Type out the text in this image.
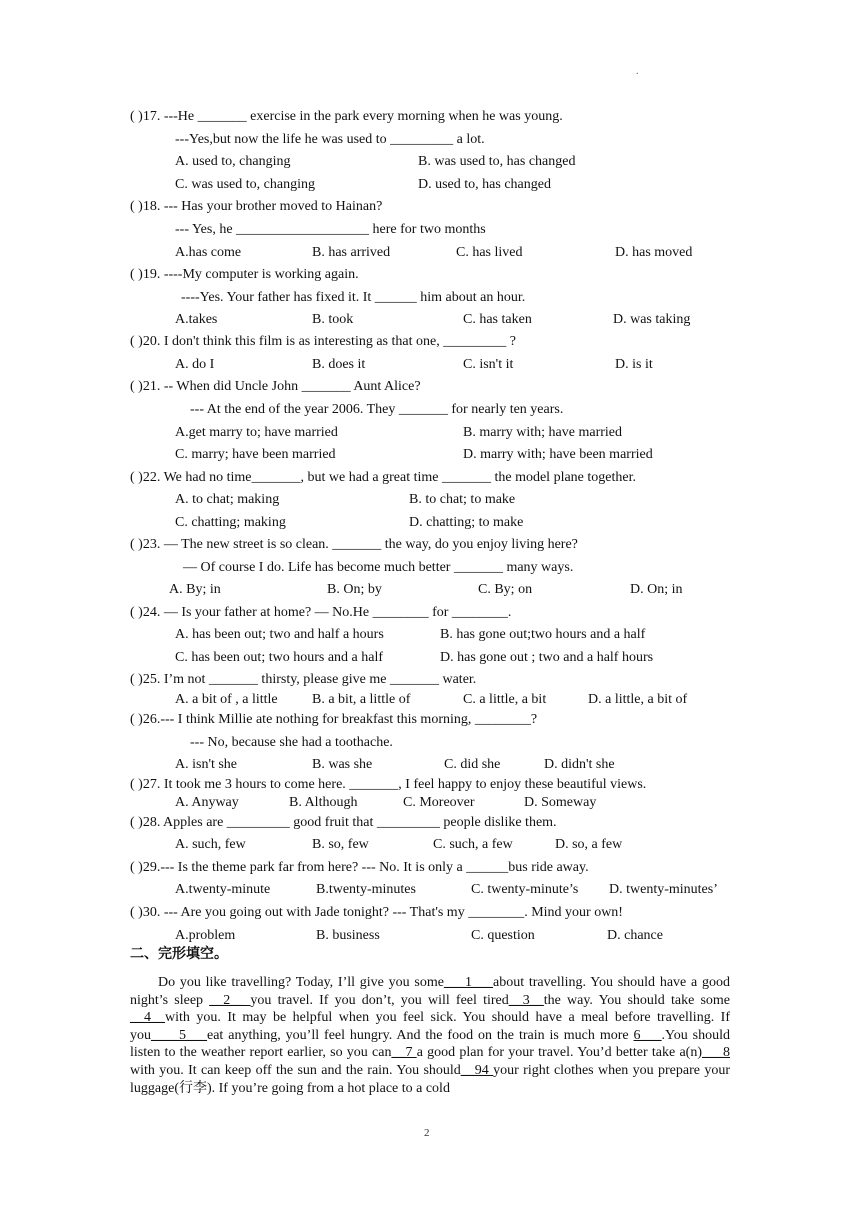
.
( )17. ---He _______ exercise in the park every morning when he was young.
---Yes,but now the life he was used to _________ a lot.
A. used to, changing	B. was used to, has changed
C. was used to, changing	D. used to, has changed
( )18. --- Has your brother moved to Hainan?
--- Yes, he ___________________ here for two months
A.has come	B. has arrived	C. has lived	D. has moved
( )19. ----My computer is working again.
----Yes. Your father has fixed it. It ______ him about an hour.
A.takes	B. took	C. has taken	D. was taking
( )20. I don't think this film is as interesting as that one, _________ ?
A. do I	B. does it	C. isn't it	D. is it
( )21. -- When did Uncle John _______ Aunt Alice?
--- At the end of the year 2006. They _______ for nearly ten years.
A.get marry to; have married	B. marry with; have married
C. marry; have been married	D. marry with; have been married
( )22. We had no time_______, but we had a great time _______ the model plane together.
A. to chat; making	B. to chat; to make
C. chatting; making	D. chatting; to make
( )23. — The new street is so clean. _______ the way, do you enjoy living here?
— Of course I do. Life has become much better _______ many ways.
A. By; in	B. On; by	C. By; on	D. On; in
( )24. — Is your father at home? — No.He ________ for ________.
A. has been out; two and half a hours	B. has gone out;two hours and a half
C. has been out; two hours and a half	D. has gone out ; two and a half hours
( )25. I’m not _______ thirsty, please give me _______ water.
A. a bit of , a little B. a bit, a little of	C. a little, a bit	D. a little, a bit of
( )26.--- I think Millie ate nothing for breakfast this morning, ________?
--- No, because she had a toothache.
A. isn't she	B. was she	C. did she	D. didn't she
( )27. It took me 3 hours to come here. _______, I feel happy to enjoy these beautiful views.
A. Anyway	B. Although	C. Moreover	D. Someway
( )28. Apples are _________ good fruit that _________ people dislike them.
A. such, few	B. so, few	C. such, a few	D. so, a few
( )29.--- Is the theme park far from here? --- No. It is only a ______bus ride away.
A.twenty-minute	B.twenty-minutes	C. twenty-minute’s D. twenty-minutes’
( )30. --- Are you going out with Jade tonight? --- That's my ________. Mind your own!
A.problem	B. business	C. question	D. chance
二、完形填空。
Do you like travelling? Today, I’ll give you some___1___about travelling. You should have a good night’s sleep __2__ you travel. If you don’t, you will feel tired__3__the way. You should take some __4__with you. It may be helpful when you feel sick. You should have a meal before travelling. If you____5___eat anything, you’ll feel hungry. And the food on the train is much more 6___.You should listen to the weather report earlier, so you can__7 a good plan for your travel. You’d better take a(n)___8 with you. It can keep off the sun and the rain. You should__94 your right clothes when you prepare your luggage(行李). If you’re going from a hot place to a cold
2
